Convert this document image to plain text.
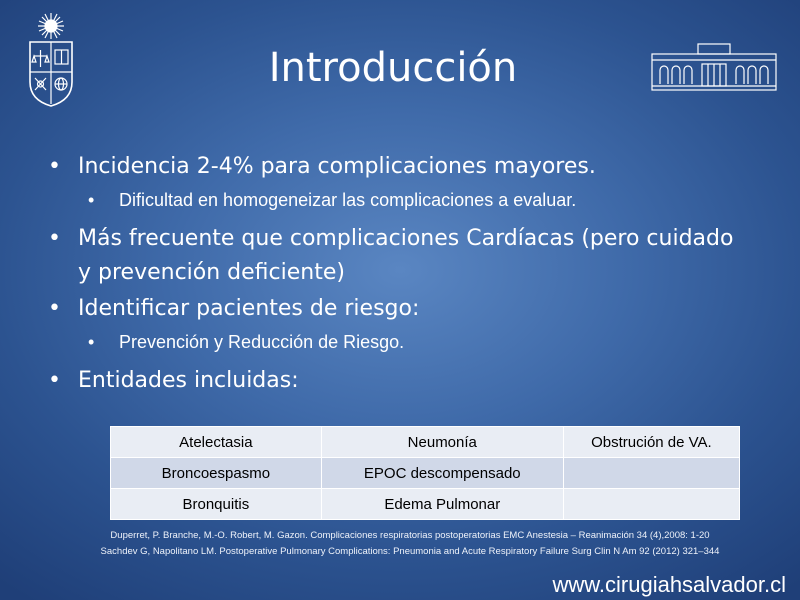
Introducción
• Incidencia 2-4% para complicaciones mayores.
• Dificultad en homogeneizar las complicaciones a evaluar.
• Más frecuente que complicaciones Cardíacas (pero cuidado y prevención deficiente)
• Identificar pacientes de riesgo:
• Prevención y Reducción de Riesgo.
• Entidades incluidas:
Atelectasia	Neumonía	Obstrución de VA.
Broncoespasmo	EPOC descompensado	
Bronquitis	Edema Pulmonar	

Duperret, P. Branche, M.-O. Robert, M. Gazon. Complicaciones respiratorias postoperatorias EMC Anestesia – Reanimación 34 (4),2008: 1-20

Sachdev G, Napolitano LM. Postoperative Pulmonary Complications: Pneumonia and Acute Respiratory Failure Surg Clin N Am 92 (2012) 321–344

www.cirugiahsalvador.cl
